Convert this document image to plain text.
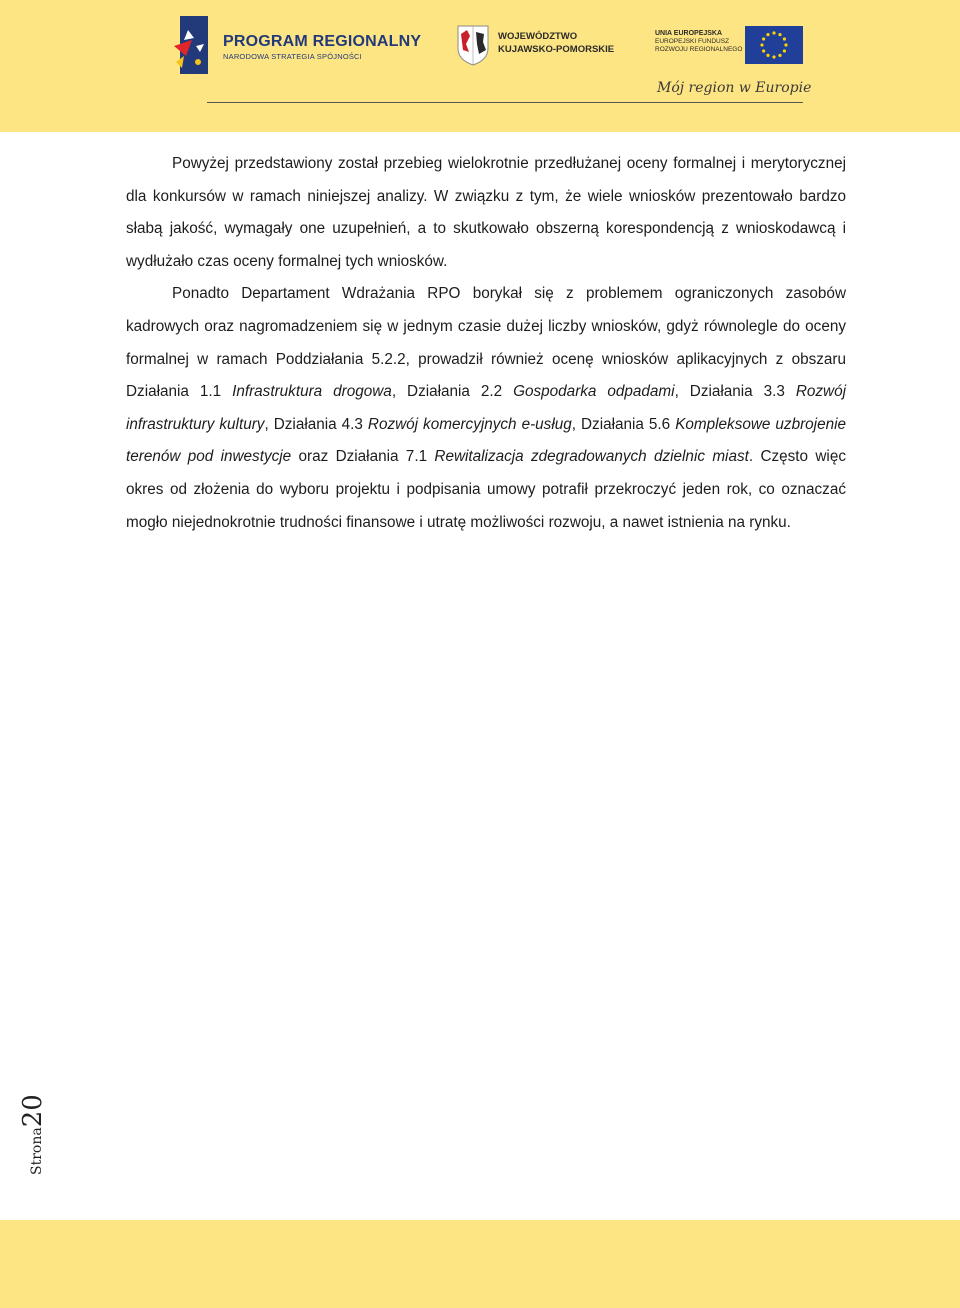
PROGRAM REGIONALNY
NARODOWA STRATEGIA SPÓJNOŚCI
WOJEWÓDZTWO
KUJAWSKO-POMORSKIE
UNIA EUROPEJSKA
EUROPEJSKI FUNDUSZ
ROZWOJU REGIONALNEGO
Mój region w Europie

Powyżej przedstawiony został przebieg wielokrotnie przedłużanej oceny formalnej i merytorycznej dla konkursów w ramach niniejszej analizy. W związku z tym, że wiele wniosków prezentowało bardzo słabą jakość, wymagały one uzupełnień, a to skutkowało obszerną korespondencją z wnioskodawcą i wydłużało czas oceny formalnej tych wniosków.

Ponadto Departament Wdrażania RPO borykał się z problemem ograniczonych zasobów kadrowych oraz nagromadzeniem się w jednym czasie dużej liczby wniosków, gdyż równolegle do oceny formalnej w ramach Poddziałania 5.2.2, prowadził również ocenę wniosków aplikacyjnych z obszaru Działania 1.1 Infrastruktura drogowa, Działania 2.2 Gospodarka odpadami, Działania 3.3 Rozwój infrastruktury kultury, Działania 4.3 Rozwój komercyjnych e-usług, Działania 5.6 Kompleksowe uzbrojenie terenów pod inwestycje oraz Działania 7.1 Rewitalizacja zdegradowanych dzielnic miast. Często więc okres od złożenia do wyboru projektu i podpisania umowy potrafił przekroczyć jeden rok, co oznaczać mogło niejednokrotnie trudności finansowe i utratę możliwości rozwoju, a nawet istnienia na rynku.

Strona20
